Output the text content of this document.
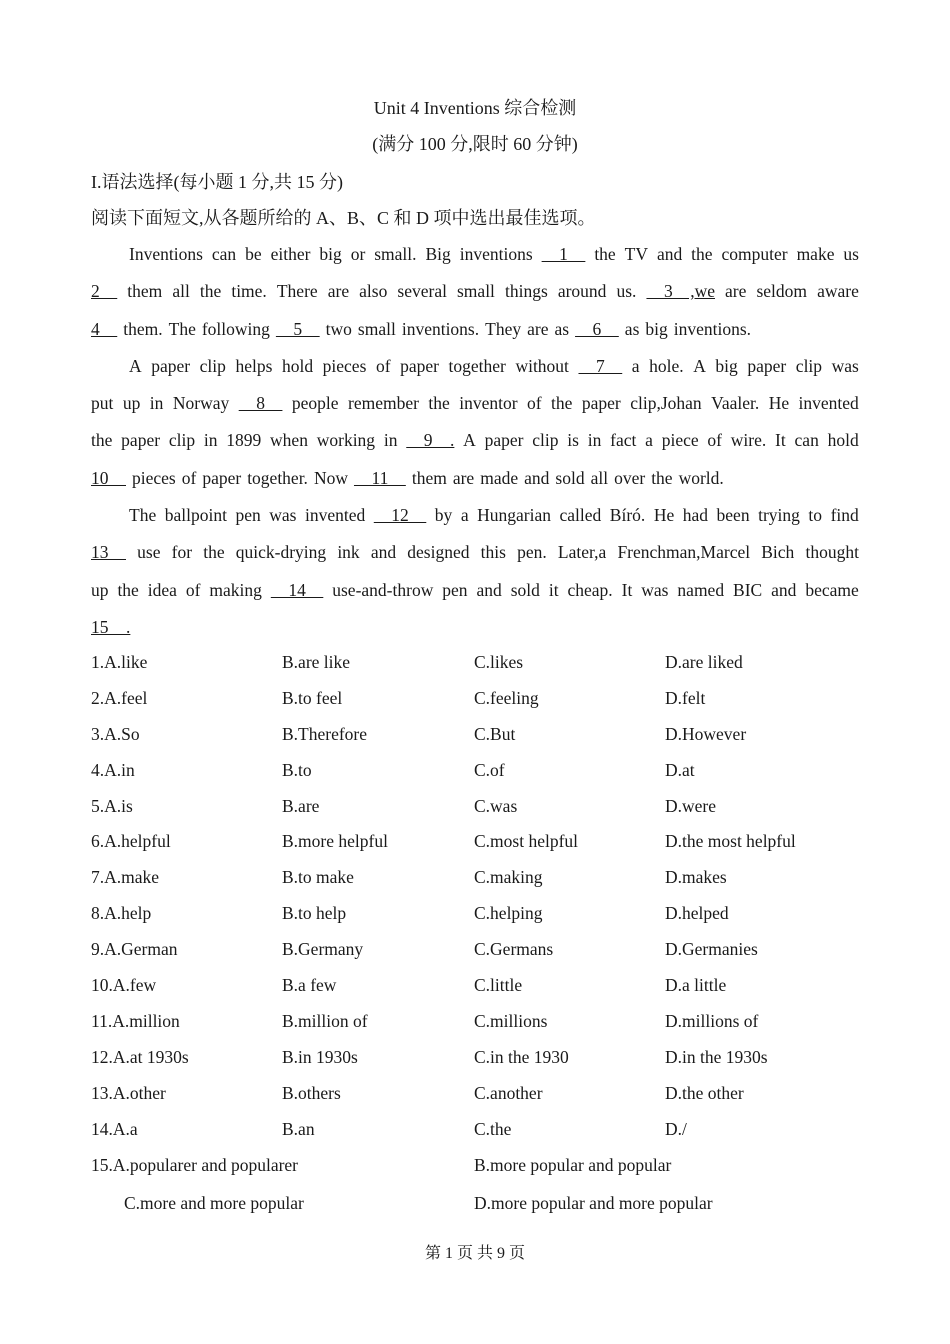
Unit 4 Inventions 综合检测
(满分 100 分,限时 60 分钟)
I.语法选择(每小题 1 分,共 15 分)
阅读下面短文,从各题所给的 A、B、C 和 D 项中选出最佳选项。
Inventions can be either big or small. Big inventions 1 the TV and the computer make us
2 them all the time. There are also several small things around us. 3    ,we are seldom aware
4 them. The following 5 two small inventions. They are as 6 as big inventions.
A paper clip helps hold pieces of paper together without 7 a hole. A big paper clip was
put up in Norway 8 people remember the inventor of the paper clip,Johan Vaaler. He invented
the paper clip in 1899 when working in 9    . A paper clip is in fact a piece of wire. It can hold
10 pieces of paper together. Now 11 them are made and sold all over the world.
The ballpoint pen was invented 12 by a Hungarian called Bíró. He had been trying to find
13 use for the quick-drying ink and designed this pen. Later,a Frenchman,Marcel Bich thought
up the idea of making 14 use-and-throw pen and sold it cheap. It was named BIC and became
15    .
1.A.like	B.are like	C.likes	D.are liked
2.A.feel	B.to feel	C.feeling	D.felt
3.A.So	B.Therefore	C.But	D.However
4.A.in	B.to	C.of	D.at
5.A.is	B.are	C.was	D.were
6.A.helpful	B.more helpful	C.most helpful	D.the most helpful
7.A.make	B.to make	C.making	D.makes
8.A.help	B.to help	C.helping	D.helped
9.A.German	B.Germany	C.Germans	D.Germanies
10.A.few	B.a few	C.little	D.a little
11.A.million	B.million of	C.millions	D.millions of
12.A.at 1930s	B.in 1930s	C.in the 1930	D.in the 1930s
13.A.other	B.others	C.another	D.the other
14.A.a	B.an	C.the	D./
15.A.popularer and popularer	B.more popular and popular
C.more and more popular	D.more popular and more popular
第 1 页 共 9 页
